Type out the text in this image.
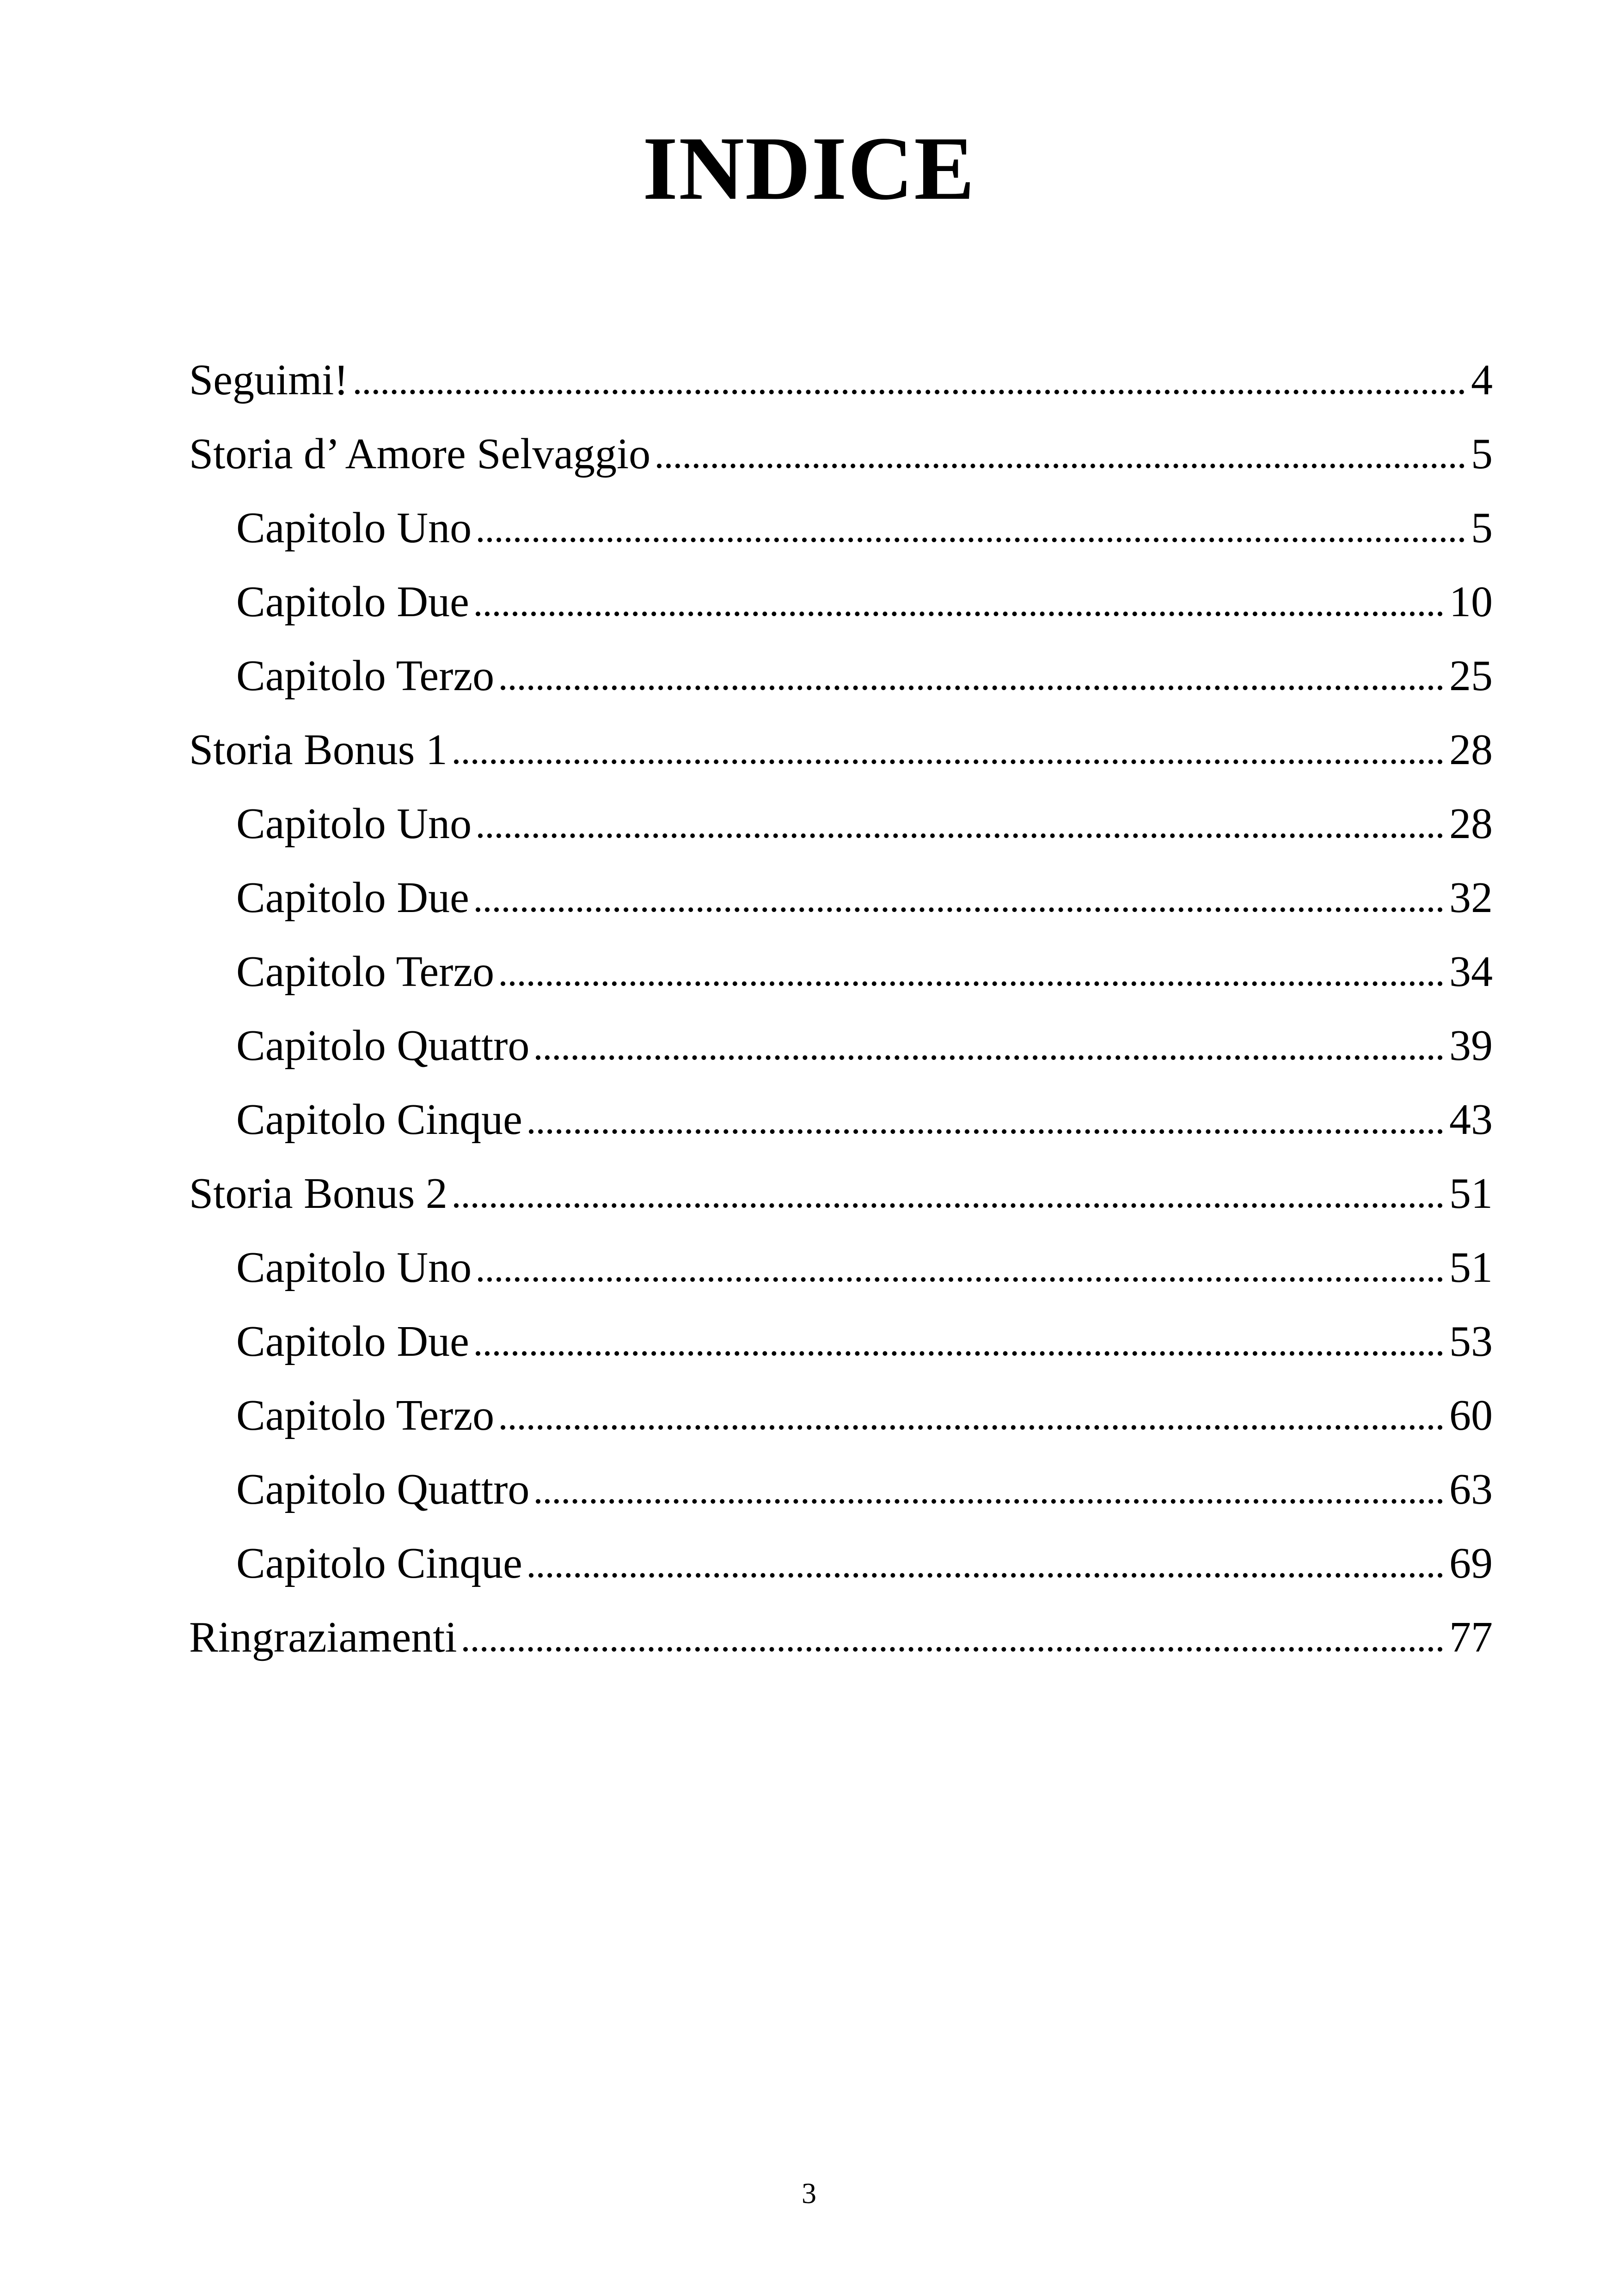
INDICE
Seguimi!	4
Storia d’ Amore Selvaggio	5
Capitolo Uno	5
Capitolo Due	10
Capitolo Terzo	25
Storia Bonus 1	28
Capitolo Uno	28
Capitolo Due	32
Capitolo Terzo	34
Capitolo Quattro	39
Capitolo Cinque	43
Storia Bonus 2	51
Capitolo Uno	51
Capitolo Due	53
Capitolo Terzo	60
Capitolo Quattro	63
Capitolo Cinque	69
Ringraziamenti	77
3
